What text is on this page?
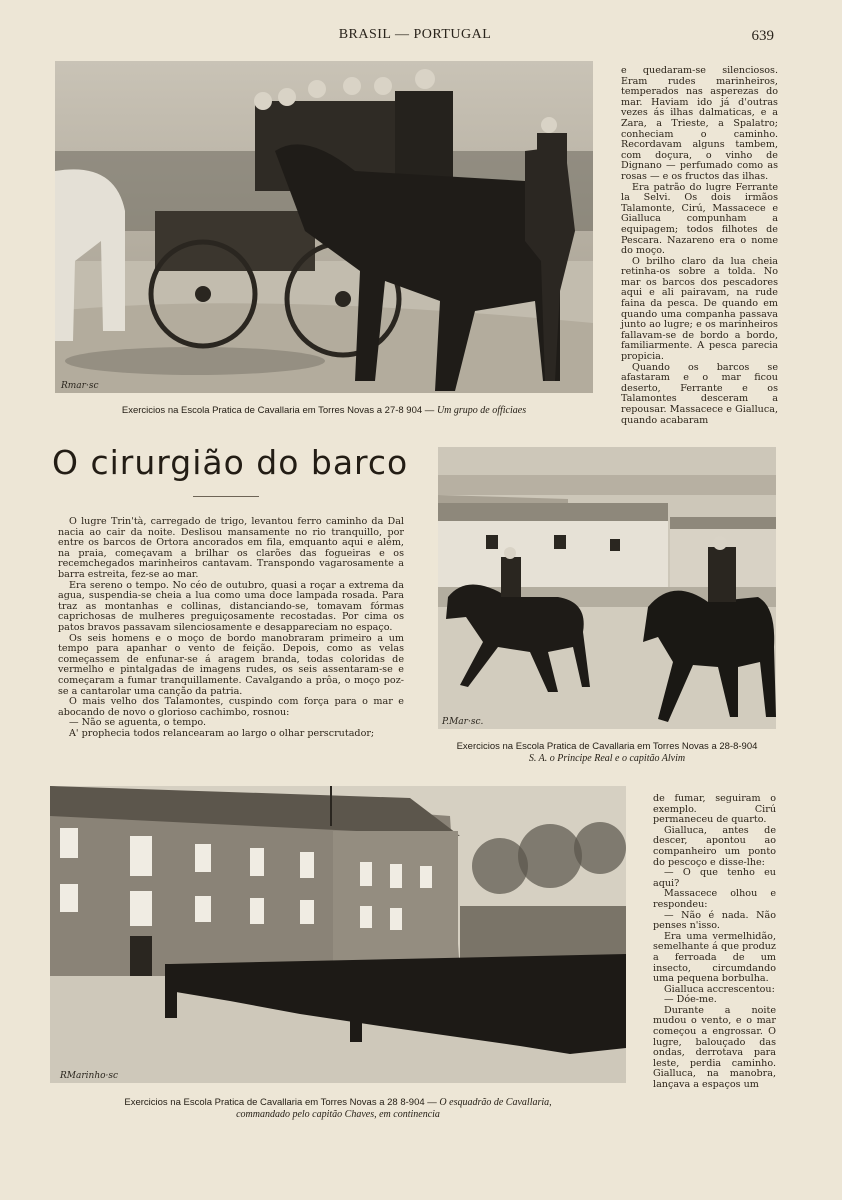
BRASIL — PORTUGAL	639
Rmar·sc
Exercicios na Escola Pratica de Cavallaria em Torres Novas a 27-8 904 — Um grupo de officiaes

e quedaram-se silenciosos. Eram rudes marinheiros, temperados nas asperezas do mar. Haviam ido já d'outras vezes ás ilhas dalmaticas, e a Zara, a Trieste, a Spalatro; conheciam o caminho. Recordavam alguns tambem, com doçura, o vinho de Dignano — perfumado como as rosas — e os fructos das ilhas.

Era patrão do lugre Ferrante la Selvi. Os dois irmãos Talamonte, Cirú, Massacece e Gialluca compunham a equipagem; todos filhotes de Pescara. Nazareno era o nome do moço.

O brilho claro da lua cheia retinha-os sobre a tolda. No mar os barcos dos pescadores aqui e ali pairavam, na rude faina da pesca. De quando em quando uma companha passava junto ao lugre; e os marinheiros fallavam-se de bordo a bordo, familiarmente. A pesca parecia propicia.

Quando os barcos se afastaram e o mar ficou deserto, Ferrante e os Talamontes desceram a repousar. Massacece e Gialluca, quando acabaram

O cirurgião do barco

O lugre Trin'tà, carregado de trigo, levantou ferro caminho da Dal nacia ao cair da noite. Deslisou mansamente no rio tranquillo, por entre os barcos de Ortora ancorados em fila, emquanto aqui e além, na praia, começavam a brilhar os clarões das fogueiras e os recemchegados marinheiros cantavam. Transpondo vagarosamente a barra estreita, fez-se ao mar.

Era sereno o tempo. No céo de outubro, quasi a roçar a extrema da agua, suspendia-se cheia a lua como uma doce lampada rosada. Para traz as montanhas e collinas, distanciando-se, tomavam fórmas caprichosas de mulheres preguiçosamente recostadas. Por cima os patos bravos passavam silenciosamente e desappareciam no espaço.

Os seis homens e o moço de bordo manobraram primeiro a um tempo para apanhar o vento de feição. Depois, como as velas começassem de enfunar-se á aragem branda, todas coloridas de vermelho e pintalgadas de imagens rudes, os seis assentaram-se e começaram a fumar tranquillamente. Cavalgando a prôa, o moço poz-se a cantarolar uma canção da patria.

O mais velho dos Talamontes, cuspindo com força para o mar e abocando de novo o glorioso cachimbo, rosnou:

— Não se aguenta, o tempo.

A' prophecia todos relancearam ao largo o olhar perscrutador;

P.Mar·sc.
Exercicios na Escola Pratica de Cavallaria em Torres Novas a 28-8-904
S. A. o Principe Real e o capitão Alvim
RMarinho·sc
Exercicios na Escola Pratica de Cavallaria em Torres Novas a 28 8-904 — O esquadrão de Cavallaria,
commandado pelo capitão Chaves, em continencia

de fumar, seguiram o exemplo. Cirú permaneceu de quarto.

Gialluca, antes de descer, apontou ao companheiro um ponto do pescoço e disse-lhe:

— O que tenho eu aqui?

Massacece olhou e respondeu:

— Não é nada. Não penses n'isso.

Era uma vermelhidão, semelhante á que produz a ferroada de um insecto, circumdando uma pequena borbulha.

Gialluca accrescentou:

— Dóe-me.

Durante a noite mudou o vento, e o mar começou a engrossar. O lugre, balouçado das ondas, derrotava para leste, perdia caminho. Gialluca, na manobra, lançava a espaços um
